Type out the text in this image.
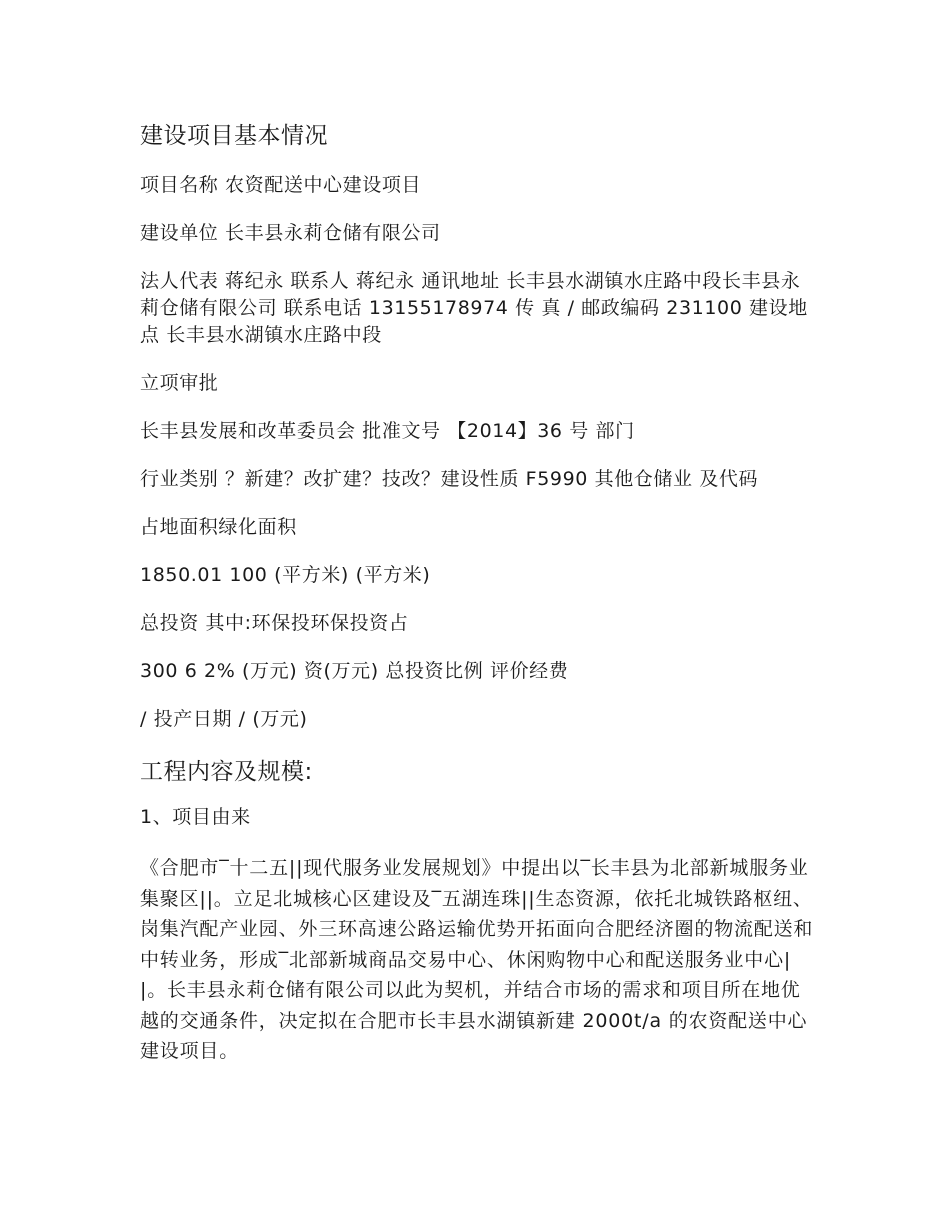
建设项目基本情况
项目名称 农资配送中心建设项目
建设单位 长丰县永莉仓储有限公司
法人代表 蒋纪永 联系人 蒋纪永 通讯地址 长丰县水湖镇水庄路中段长丰县永莉仓储有限公司 联系电话 13155178974 传 真 / 邮政编码 231100 建设地点 长丰县水湖镇水庄路中段
立项审批
长丰县发展和改革委员会 批准文号 【2014】36 号 部门
行业类别 ？新建？改扩建？技改？建设性质 F5990 其他仓储业 及代码
占地面积绿化面积
1850.01 100 (平方米) (平方米)
总投资 其中:环保投环保投资占
300 6 2% (万元) 资(万元) 总投资比例 评价经费
/ 投产日期 / (万元)
工程内容及规模:
1、项目由来
《合肥市‾十二五||现代服务业发展规划》中提出以‾长丰县为北部新城服务业集聚区||。立足北城核心区建设及‾五湖连珠||生态资源，依托北城铁路枢纽、岗集汽配产业园、外三环高速公路运输优势开拓面向合肥经济圈的物流配送和中转业务，形成‾北部新城商品交易中心、休闲购物中心和配送服务业中心||。长丰县永莉仓储有限公司以此为契机，并结合市场的需求和项目所在地优越的交通条件，决定拟在合肥市长丰县水湖镇新建 2000t/a 的农资配送中心建设项目。
